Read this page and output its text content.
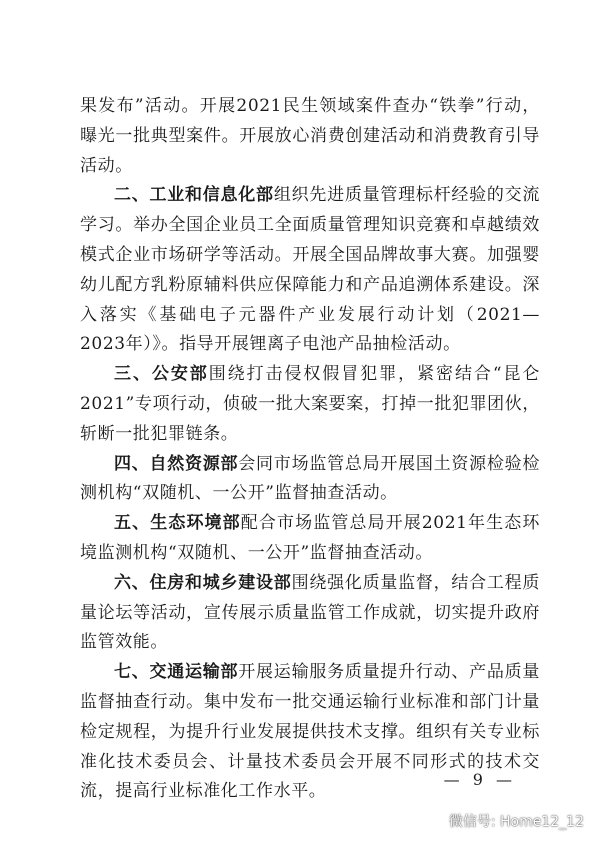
果发布”活动。开展2021民生领域案件查办“铁拳”行动，曝光一批典型案件。开展放心消费创建活动和消费教育引导活动。

二、工业和信息化部组织先进质量管理标杆经验的交流学习。举办全国企业员工全面质量管理知识竞赛和卓越绩效模式企业市场研学等活动。开展全国品牌故事大赛。加强婴幼儿配方乳粉原辅料供应保障能力和产品追溯体系建设。深入落实《基础电子元器件产业发展行动计划（2021—2023年）》。指导开展锂离子电池产品抽检活动。

三、公安部围绕打击侵权假冒犯罪，紧密结合“昆仑2021”专项行动，侦破一批大案要案，打掉一批犯罪团伙，斩断一批犯罪链条。

四、自然资源部会同市场监管总局开展国土资源检验检测机构“双随机、一公开”监督抽查活动。

五、生态环境部配合市场监管总局开展2021年生态环境监测机构“双随机、一公开”监督抽查活动。

六、住房和城乡建设部围绕强化质量监督，结合工程质量论坛等活动，宣传展示质量监管工作成就，切实提升政府监管效能。

七、交通运输部开展运输服务质量提升行动、产品质量监督抽查行动。集中发布一批交通运输行业标准和部门计量检定规程，为提升行业发展提供技术支撑。组织有关专业标准化技术委员会、计量技术委员会开展不同形式的技术交流，提高行业标准化工作水平。

— 9 —
微信号: Home12_12
